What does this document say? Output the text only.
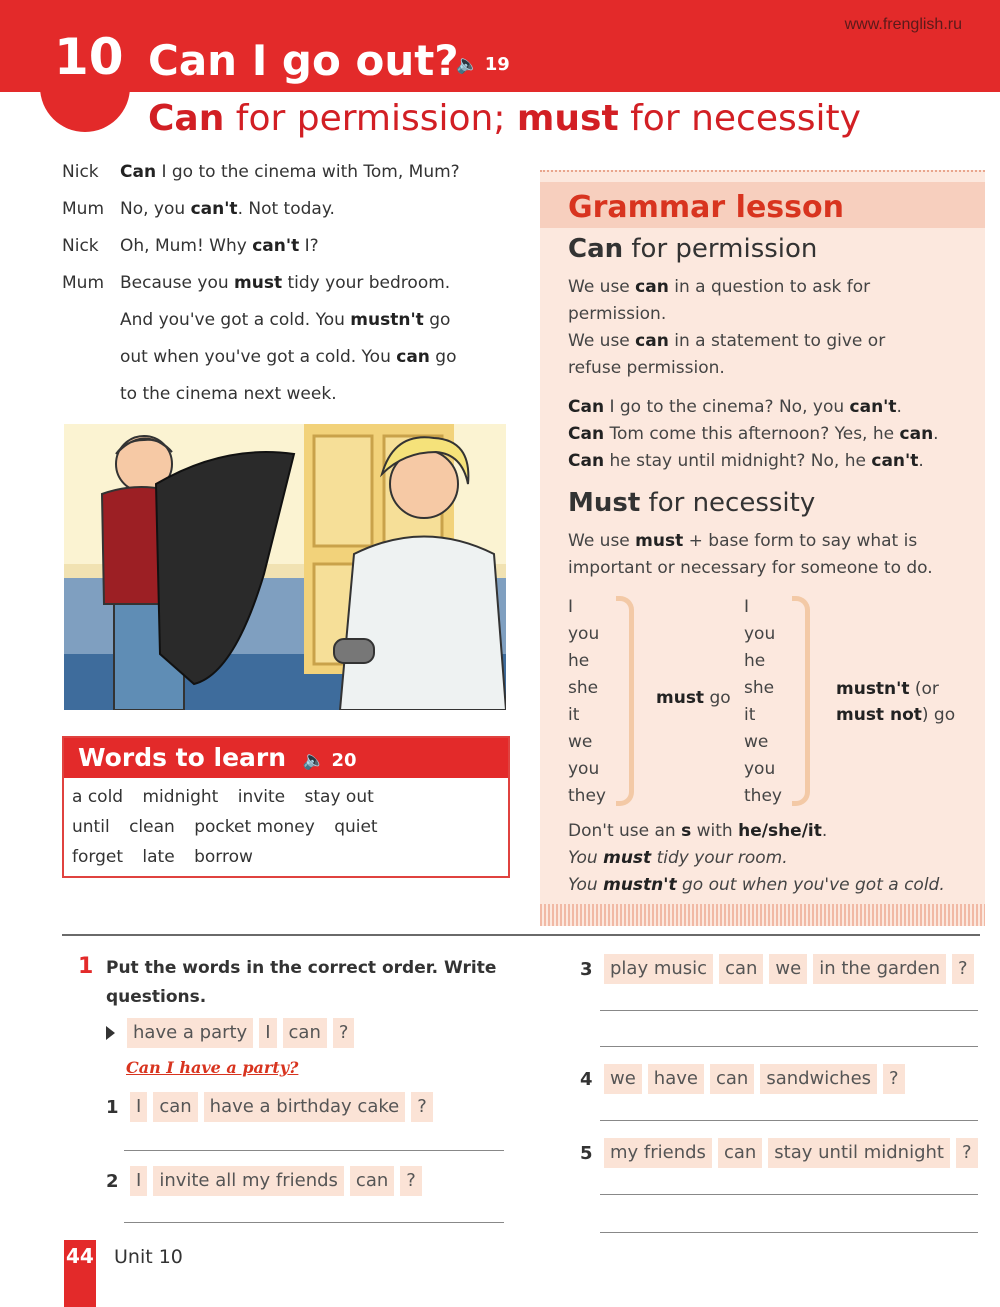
10 Can I go out?
🔈 19
www.frenglish.ru
Can for permission; must for necessity
Nick	Can I go to the cinema with Tom, Mum?
Mum No, you can't. Not today.
Nick	Oh, Mum! Why can't I?
Mum Because you must tidy your bedroom.
And you've got a cold. You mustn't go
out when you've got a cold. You can go
to the cinema next week.
Words to learn 🔈 20
a cold midnight invite stay out
until clean pocket money quiet
forget late borrow
Grammar lesson
Can for permission
We use can in a question to ask for
permission.
We use can in a statement to give or
refuse permission.
Can I go to the cinema? No, you can't.
Can Tom come this afternoon? Yes, he can.
Can he stay until midnight? No, he can't.
Must for necessity
We use must + base form to say what is
important or necessary for someone to do.
I
you
he
she
it
we
you
they
must go
I
you
he
she
it
we
you
they
mustn't (or
must not) go
Don't use an s with he/she/it.
You must tidy your room.
You mustn't go out when you've got a cold.
1 Put the words in the correct order. Write questions.
have a party	I	can	?
Can I have a party?
1 I	can	have a birthday cake	?
2 I	invite all my friends	can	?
3 play music	can	we	in the garden	?
4 we	have	can	sandwiches	?
5 my friends	can	stay until midnight	?
44 Unit 10
